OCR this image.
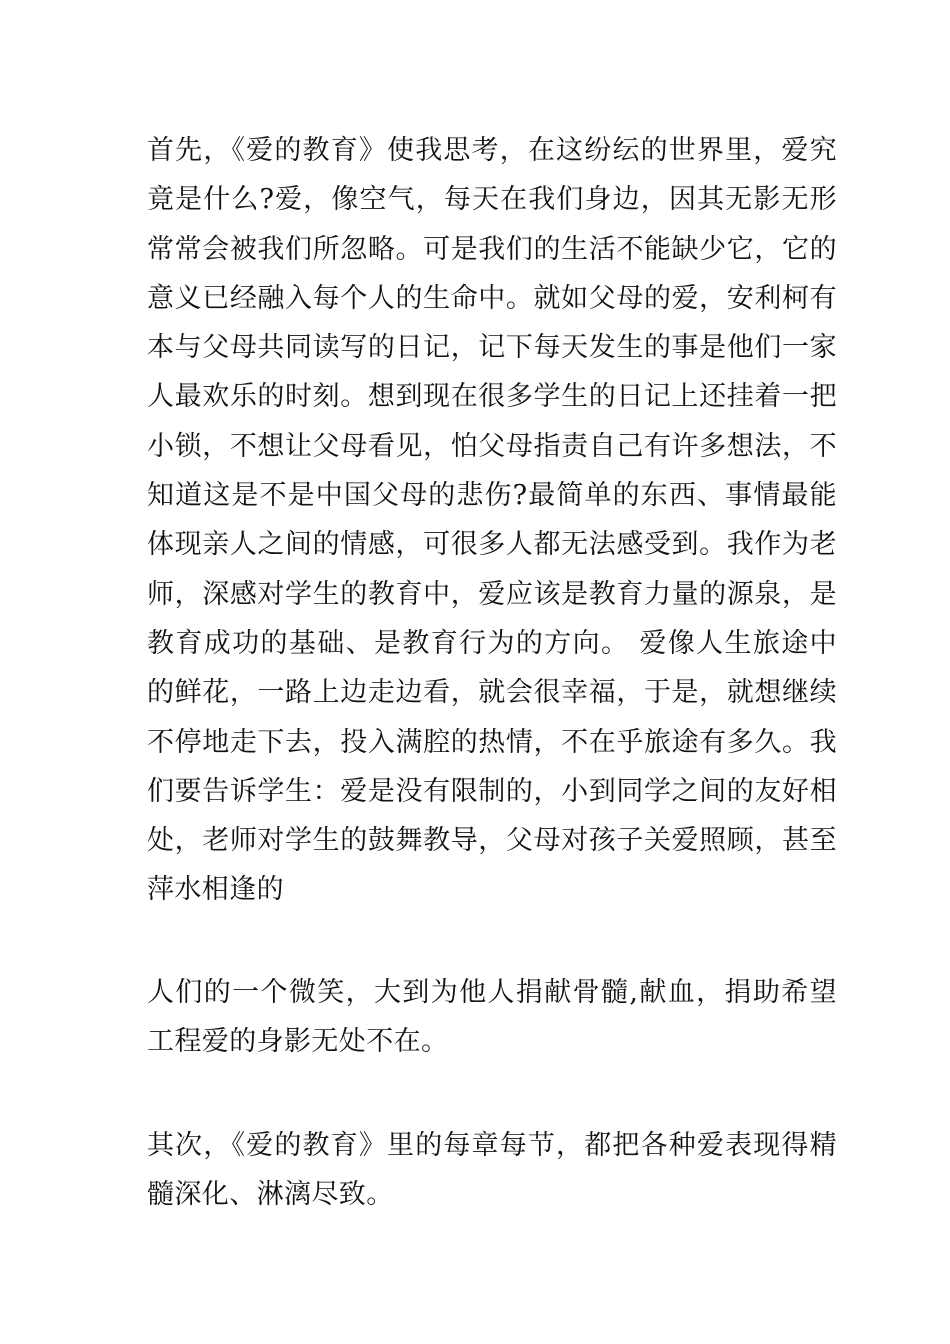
首先，《爱的教育》使我思考，在这纷纭的世界里，爱究竟是什么?爱，像空气，每天在我们身边，因其无影无形常常会被我们所忽略。可是我们的生活不能缺少它，它的意义已经融入每个人的生命中。就如父母的爱，安利柯有本与父母共同读写的日记，记下每天发生的事是他们一家人最欢乐的时刻。想到现在很多学生的日记上还挂着一把小锁，不想让父母看见，怕父母指责自己有许多想法，不知道这是不是中国父母的悲伤?最简单的东西、事情最能体现亲人之间的情感，可很多人都无法感受到。我作为老师，深感对学生的教育中，爱应该是教育力量的源泉，是教育成功的基础、是教育行为的方向。 爱像人生旅途中的鲜花，一路上边走边看，就会很幸福，于是，就想继续不停地走下去，投入满腔的热情，不在乎旅途有多久。我们要告诉学生：爱是没有限制的，小到同学之间的友好相处，老师对学生的鼓舞教导，父母对孩子关爱照顾，甚至萍水相逢的

人们的一个微笑，大到为他人捐献骨髓,献血，捐助希望工程爱的身影无处不在。

其次，《爱的教育》里的每章每节，都把各种爱表现得精髓深化、淋漓尽致。
